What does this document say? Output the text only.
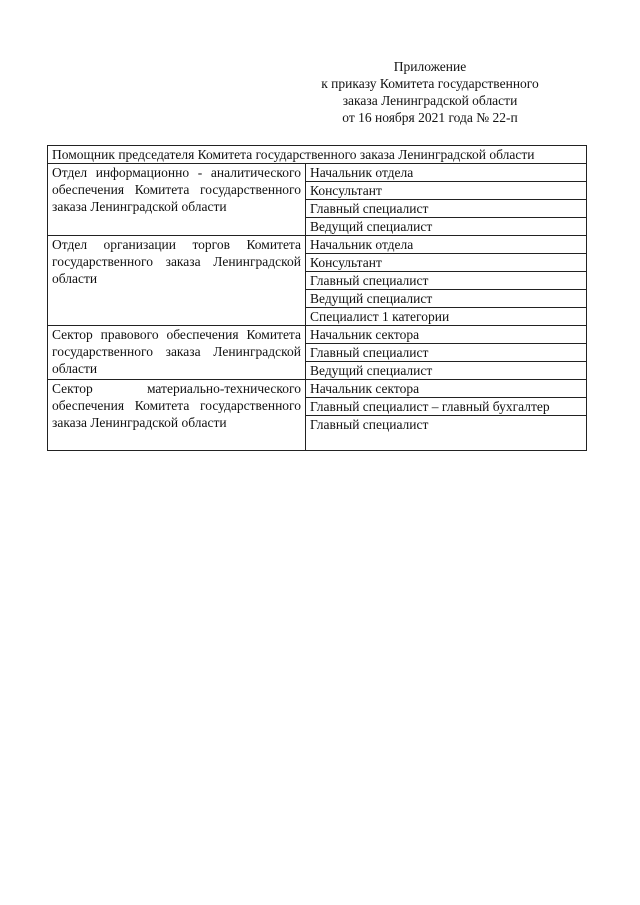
Приложение
к приказу Комитета государственного
заказа Ленинградской области
от 16 ноября 2021 года № 22-п
Помощник председателя Комитета государственного заказа Ленинградской области	
Отдел информационно - аналитического обеспечения Комитета государственного заказа Ленинградской области	Начальник отдела
	Консультант
	Главный специалист
	Ведущий специалист
Отдел организации торгов Комитета государственного заказа Ленинградской области	Начальник отдела
	Консультант
	Главный специалист
	Ведущий специалист
	Специалист 1 категории
Сектор правового обеспечения Комитета государственного заказа Ленинградской области	Начальник сектора
	Главный специалист
	Ведущий специалист
Сектор материально-технического обеспечения Комитета государственного заказа Ленинградской области	Начальник сектора
	Главный специалист – главный бухгалтер
	Главный специалист
